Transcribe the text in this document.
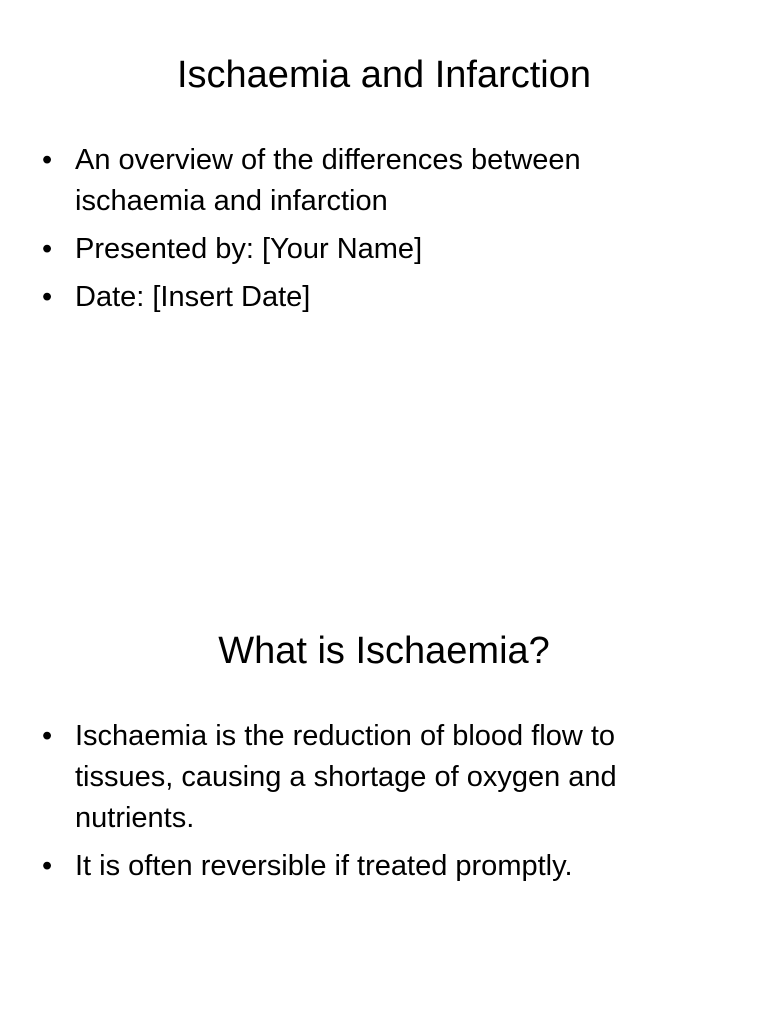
Ischaemia and Infarction
• An overview of the differences between ischaemia and infarction
• Presented by: [Your Name]
• Date: [Insert Date]
What is Ischaemia?
• Ischaemia is the reduction of blood flow to tissues, causing a shortage of oxygen and nutrients.
• It is often reversible if treated promptly.
